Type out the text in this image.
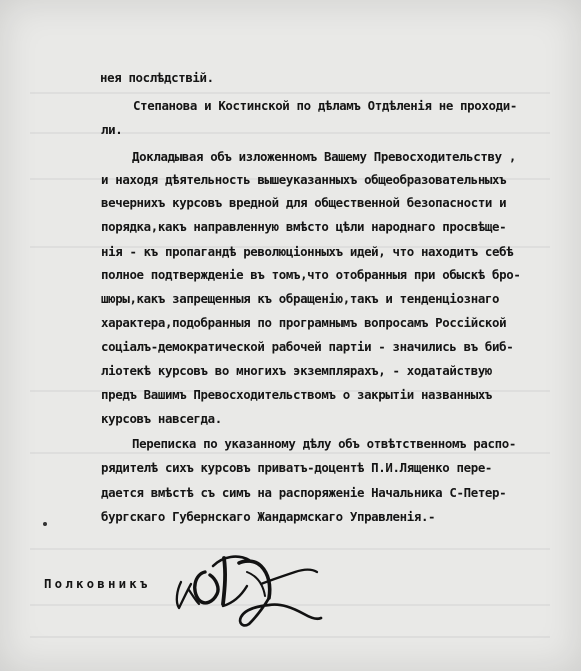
нея послѣдствій.
Степанова и Костинской по дѣламъ Отдѣленія не проходи-
ли.
Докладывая объ изложенномъ Вашему Превосходительству ,
и находя дѣятельность вышеуказанныхъ общеобразовательныхъ
вечернихъ курсовъ вредной для общественной безопасности и
порядка,какъ направленную вмѣсто цѣли народнаго просвѣще-
нія - къ пропагандѣ революціонныхъ идей, что находитъ себѣ
полное подтвержденіе въ томъ,что отобранныя при обыскѣ бро-
шюры,какъ запрещенныя къ обращенію,такъ и тенденціознаго
характера,подобранныя по програмнымъ вопросамъ Россійской
соціалъ-демократической рабочей партіи - значились въ биб-
ліотекѣ курсовъ во многихъ экземплярахъ, - ходатайствую
предъ Вашимъ Превосходительствомъ о закрытіи названныхъ
курсовъ навсегда.
Переписка по указанному дѣлу объ отвѣтственномъ распо-
рядителѣ сихъ курсовъ приватъ-доцентѣ П.И.Лященко пере-
дается вмѣстѣ съ симъ на распоряженіе Начальника С-Петер-
бургскаго Губернскаго Жандармскаго Управленія.-
Полковникъ
